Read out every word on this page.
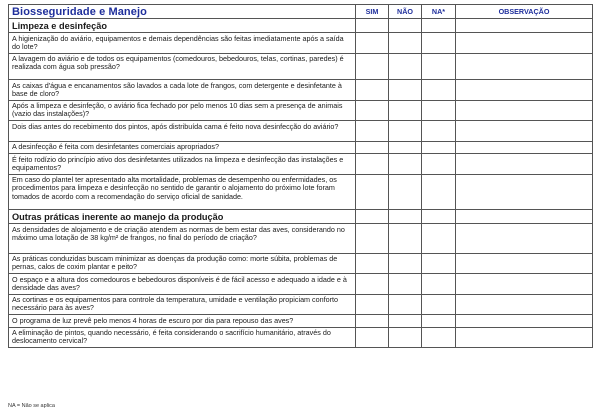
Biosseguridade e Manejo	SIM	NÃO	NA*	OBSERVAÇÃO
Limpeza e desinfeção				
A higienização do aviário, equipamentos e demais dependências são feitas imediatamente após a saída do lote?				
A lavagem do aviário e de todos os equipamentos (comedouros, bebedouros, telas, cortinas, paredes) é realizada com água sob pressão?				
As caixas d'água e encanamentos são lavados a cada lote de frangos, com detergente e desinfetante à base de cloro?				
Após a limpeza e desinfeção, o aviário fica fechado por pelo menos 10 dias sem a presença de animais (vazio das instalações)?				
Dois dias antes do recebimento dos pintos, após distribuída cama é feito nova desinfecção do aviário?				
A desinfecção é feita com desinfetantes comerciais apropriados?				
É feito rodízio do princípio ativo dos desinfetantes utilizados na limpeza e desinfecção das instalações e equipamentos?				
Em caso do plantel ter apresentado alta mortalidade, problemas de desempenho ou enfermidades, os procedimentos para limpeza e desinfecção no sentido de garantir o alojamento do próximo lote foram tomados de acordo com a recomendação do serviço oficial de sanidade.				
Outras práticas inerente ao manejo da produção				
As densidades de alojamento e de criação atendem as normas de bem estar das aves, considerando no máximo uma lotação de 38 kg/m² de frangos, no final do período de criação?				
As práticas conduzidas buscam minimizar as doenças da produção como: morte súbita, problemas de pernas, calos de coxim plantar e peito?				
O espaço e a altura dos comedouros e bebedouros disponíveis é de fácil acesso e adequado a idade e à densidade das aves?				
As cortinas e os equipamentos para controle da temperatura, umidade e ventilação propiciam conforto necessário para às aves?				
O programa de luz prevê pelo menos 4 horas de escuro por dia para repouso das aves?				
A eliminação de pintos, quando necessário, é feita considerando o sacrifício humanitário, através do deslocamento cervical?				
NA = Não se aplica
